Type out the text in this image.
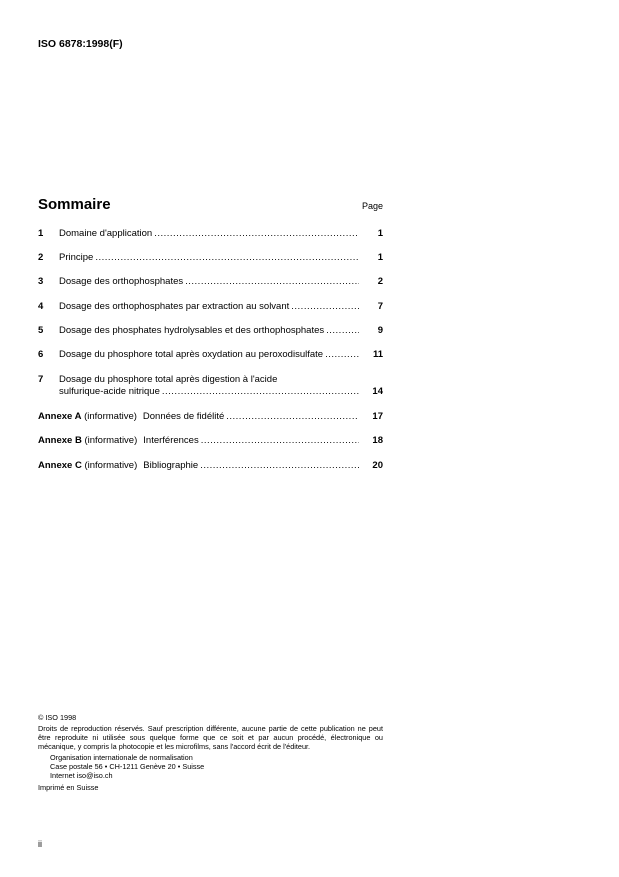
ISO 6878:1998(F)
Sommaire	Page
1	Domaine d'application .....	1
2	Principe .....	1
3	Dosage des orthophosphates .....	2
4	Dosage des orthophosphates par extraction au solvant .....	7
5	Dosage des phosphates hydrolysables et des orthophosphates .....	9
6	Dosage du phosphore total après oxydation au peroxodisulfate .....	11
7	Dosage du phosphore total après digestion à l'acide
sulfurique-acide nitrique .....	14
Annexe A (informative) Données de fidélité .....	17
Annexe B (informative) Interférences .....	18
Annexe C (informative) Bibliographie .....	20
© ISO 1998
Droits de reproduction réservés. Sauf prescription différente, aucune partie de cette publication ne peut être reproduite ni utilisée sous quelque forme que ce soit et par aucun procédé, électronique ou mécanique, y compris la photocopie et les microfilms, sans l'accord écrit de l'éditeur.
Organisation internationale de normalisation
Case postale 56 • CH-1211 Genève 20 • Suisse
Internet iso@iso.ch
Imprimé en Suisse
ii
